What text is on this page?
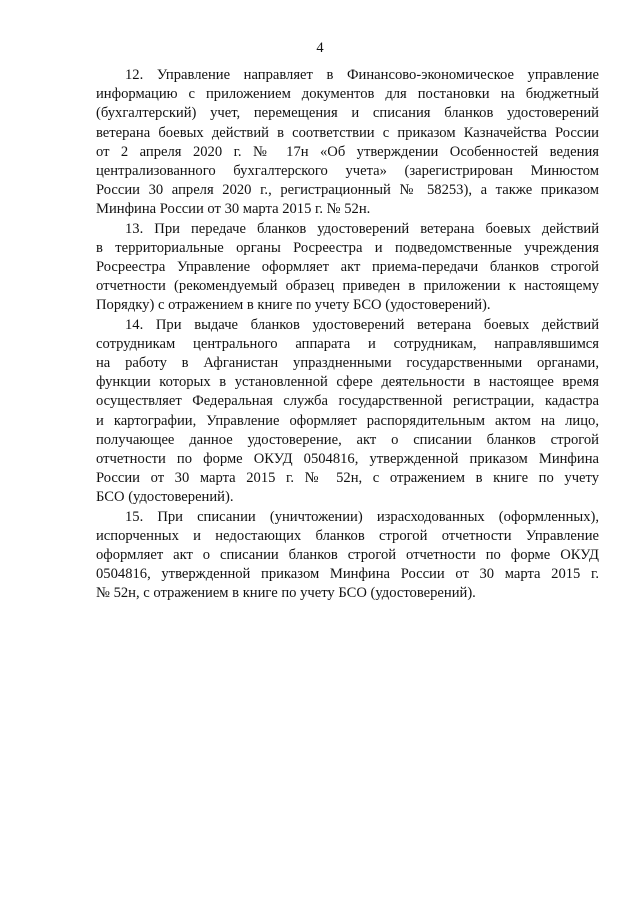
4

12. Управление направляет в Финансово-экономическое управление
информацию с приложением документов для постановки на бюджетный
(бухгалтерский) учет, перемещения и списания бланков удостоверений
ветерана боевых действий в соответствии с приказом Казначейства России
от 2 апреля 2020 г. № 17н «Об утверждении Особенностей ведения
централизованного бухгалтерского учета» (зарегистрирован Минюстом
России 30 апреля 2020 г., регистрационный № 58253), а также приказом
Минфина России от 30 марта 2015 г. № 52н.

13. При передаче бланков удостоверений ветерана боевых действий
в территориальные органы Росреестра и подведомственные учреждения
Росреестра Управление оформляет акт приема-передачи бланков строгой
отчетности (рекомендуемый образец приведен в приложении к настоящему
Порядку) с отражением в книге по учету БСО (удостоверений).

14. При выдаче бланков удостоверений ветерана боевых действий
сотрудникам центрального аппарата и сотрудникам, направлявшимся
на работу в Афганистан упраздненными государственными органами,
функции которых в установленной сфере деятельности в настоящее время
осуществляет Федеральная служба государственной регистрации, кадастра
и картографии, Управление оформляет распорядительным актом на лицо,
получающее данное удостоверение, акт о списании бланков строгой
отчетности по форме ОКУД 0504816, утвержденной приказом Минфина
России от 30 марта 2015 г. № 52н, с отражением в книге по учету
БСО (удостоверений).

15. При списании (уничтожении) израсходованных (оформленных),
испорченных и недостающих бланков строгой отчетности Управление
оформляет акт о списании бланков строгой отчетности по форме ОКУД
0504816, утвержденной приказом Минфина России от 30 марта 2015 г.
№ 52н, с отражением в книге по учету БСО (удостоверений).
